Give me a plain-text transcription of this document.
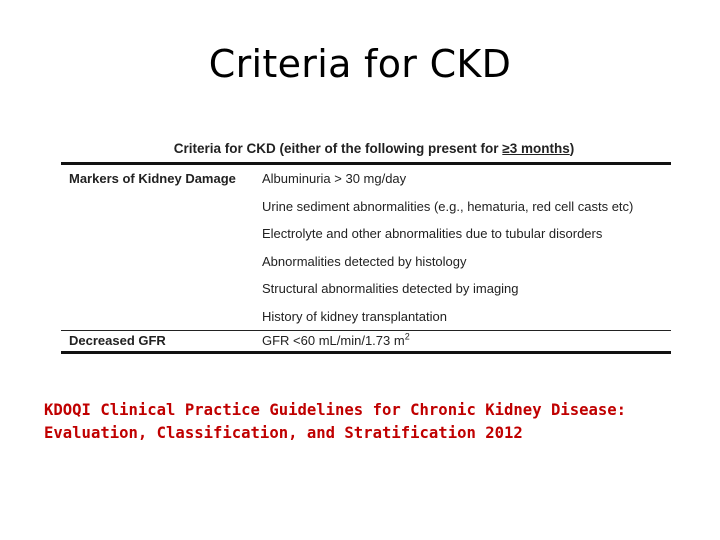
Criteria for CKD
Criteria for CKD (either of the following present for ≥3 months)
Markers of Kidney Damage	Albuminuria > 30 mg/day
Urine sediment abnormalities (e.g., hematuria, red cell casts etc)
Electrolyte and other abnormalities due to tubular disorders
Abnormalities detected by histology
Structural abnormalities detected by imaging
History of kidney transplantation
Decreased GFR	GFR <60 mL/min/1.73 $m^2$
KDOQI Clinical Practice Guidelines for Chronic Kidney Disease:
Evaluation, Classification, and Stratification 2012
